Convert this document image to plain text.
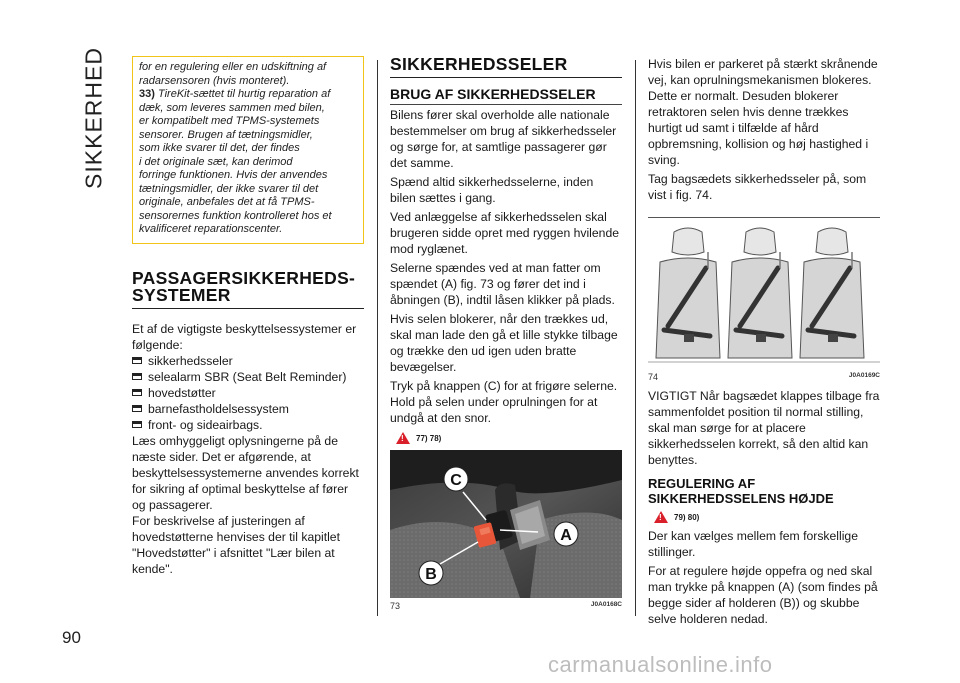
SIKKERHED
90
carmanualsonline.info
for en regulering eller en udskiftning af
radarsensoren (hvis monteret).
33) TireKit-sættet til hurtig reparation af
dæk, som leveres sammen med bilen,
er kompatibelt med TPMS-systemets
sensorer. Brugen af tætningsmidler,
som ikke svarer til det, der findes
i det originale sæt, kan derimod
forringe funktionen. Hvis der anvendes
tætningsmidler, der ikke svarer til det
originale, anbefales det at få TPMS-
sensorernes funktion kontrolleret hos et
kvalificeret reparationscenter.
PASSAGERSIKKERHEDS-
SYSTEMER

Et af de vigtigste beskyttelsessystemer er følgende:

sikkerhedsseler
selealarm SBR (Seat Belt Reminder)
hovedstøtter
barnefastholdelsessystem
front- og sideairbags.

Læs omhyggeligt oplysningerne på de næste sider. Det er afgørende, at beskyttelsessystemerne anvendes korrekt for sikring af optimal beskyttelse af fører og passagerer.

For beskrivelse af justeringen af hovedstøtterne henvises der til kapitlet "Hovedstøtter" i afsnittet "Lær bilen at kende".

SIKKERHEDSSELER
BRUG AF SIKKERHEDSSELER

Bilens fører skal overholde alle nationale bestemmelser om brug af sikkerhedsseler og sørge for, at samtlige passagerer gør det samme.

Spænd altid sikkerhedsselerne, inden bilen sættes i gang.

Ved anlæggelse af sikkerhedsselen skal brugeren sidde opret med ryggen hvilende mod ryglænet.

Selerne spændes ved at man fatter om spændet (A) fig. 73 og fører det ind i åbningen (B), indtil låsen klikker på plads.

Hvis selen blokerer, når den trækkes ud, skal man lade den gå et lille stykke tilbage og trække den ud igen uden bratte bevægelser.

Tryk på knappen (C) for at frigøre selerne. Hold på selen under oprulningen for at undgå at den snor.

! 77) 78)
C
A
B
73	J0A0168C

Hvis bilen er parkeret på stærkt skrånende vej, kan oprulningsmekanismen blokeres. Dette er normalt. Desuden blokerer retraktoren selen hvis denne trækkes hurtigt ud samt i tilfælde af hård opbremsning, kollision og høj hastighed i sving.

Tag bagsædets sikkerhedsseler på, som vist i fig. 74.

74	J0A0169C

VIGTIGT Når bagsædet klappes tilbage fra sammenfoldet position til normal stilling, skal man sørge for at placere sikkerhedsselen korrekt, så den altid kan benyttes.

REGULERING AF
SIKKERHEDSSELENS HØJDE
! 79) 80)

Der kan vælges mellem fem forskellige stillinger.

For at regulere højde oppefra og ned skal man trykke på knappen (A) (som findes på begge sider af holderen (B)) og skubbe selve holderen nedad.
